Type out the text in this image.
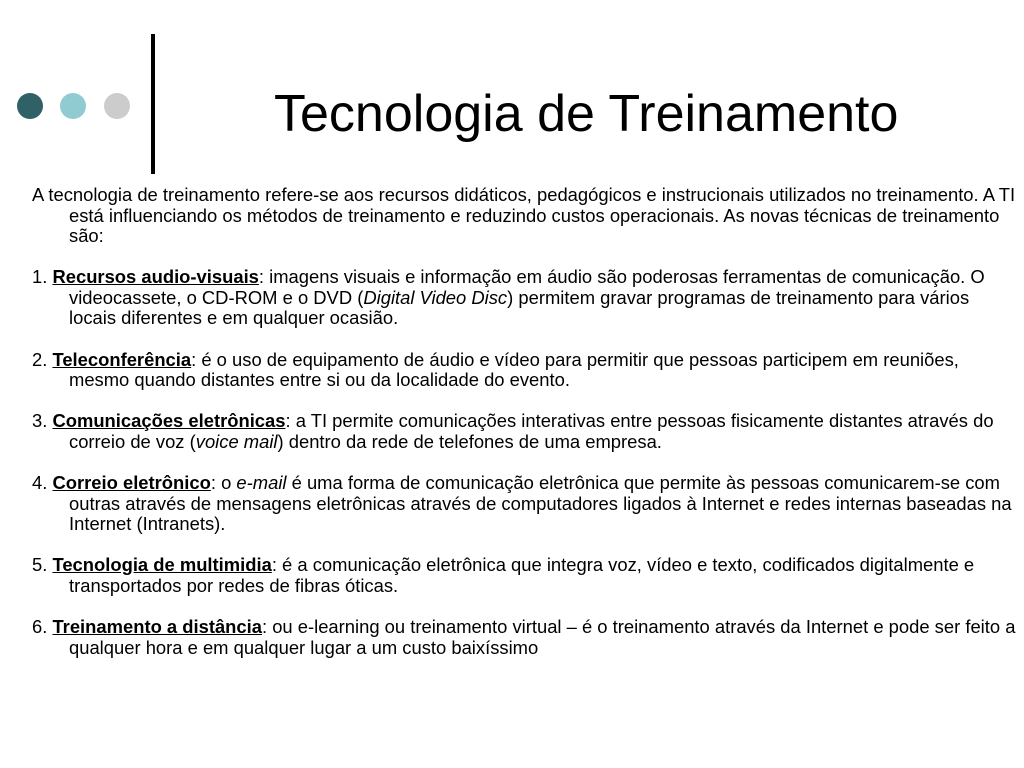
Tecnologia de Treinamento

A tecnologia de treinamento refere-se aos recursos didáticos, pedagógicos e instrucionais utilizados no treinamento. A TI está influenciando os métodos de treinamento e reduzindo custos operacionais. As novas técnicas de treinamento são:

1. Recursos audio-visuais: imagens visuais e informação em áudio são poderosas ferramentas de comunicação. O videocassete, o CD-ROM e o DVD (Digital Video Disc) permitem gravar programas de treinamento para vários locais diferentes e em qualquer ocasião.

2. Teleconferência: é o uso de equipamento de áudio e vídeo para permitir que pessoas participem em reuniões, mesmo quando distantes entre si ou da localidade do evento.

3. Comunicações eletrônicas: a TI permite comunicações interativas entre pessoas fisicamente distantes através do correio de voz (voice mail) dentro da rede de telefones de uma empresa.

4. Correio eletrônico: o e-mail é uma forma de comunicação eletrônica que permite às pessoas comunicarem-se com outras através de mensagens eletrônicas através de computadores ligados à Internet e redes internas baseadas na Internet (Intranets).

5. Tecnologia de multimidia: é a comunicação eletrônica que integra voz, vídeo e texto, codificados digitalmente e transportados por redes de fibras óticas.

6. Treinamento a distância: ou e-learning ou treinamento virtual – é o treinamento através da Internet e pode ser feito a qualquer hora e em qualquer lugar a um custo baixíssimo
